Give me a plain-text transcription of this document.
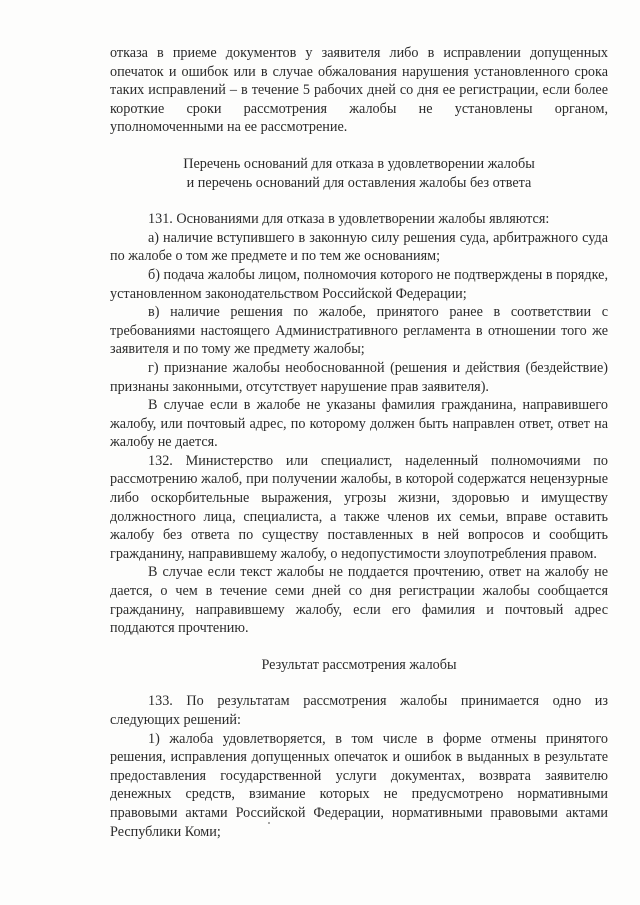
отказа в приеме документов у заявителя либо в исправлении допущенных опечаток и ошибок или в случае обжалования нарушения установленного срока таких исправлений – в течение 5 рабочих дней со дня ее регистрации, если более короткие сроки рассмотрения жалобы не установлены органом, уполномоченными на ее рассмотрение.

Перечень оснований для отказа в удовлетворении жалобы

и перечень оснований для оставления жалобы без ответа

131. Основаниями для отказа в удовлетворении жалобы являются:

а) наличие вступившего в законную силу решения суда, арбитражного суда по жалобе о том же предмете и по тем же основаниям;

б) подача жалобы лицом, полномочия которого не подтверждены в порядке, установленном законодательством Российской Федерации;

в) наличие решения по жалобе, принятого ранее в соответствии с требованиями настоящего Административного регламента в отношении того же заявителя и по тому же предмету жалобы;

г) признание жалобы необоснованной (решения и действия (бездействие) признаны законными, отсутствует нарушение прав заявителя).

В случае если в жалобе не указаны фамилия гражданина, направившего жалобу, или почтовый адрес, по которому должен быть направлен ответ, ответ на жалобу не дается.

132. Министерство или специалист, наделенный полномочиями по рассмотрению жалоб, при получении жалобы, в которой содержатся нецензурные либо оскорбительные выражения, угрозы жизни, здоровью и имуществу должностного лица, специалиста, а также членов их семьи, вправе оставить жалобу без ответа по существу поставленных в ней вопросов и сообщить гражданину, направившему жалобу, о недопустимости злоупотребления правом.

В случае если текст жалобы не поддается прочтению, ответ на жалобу не дается, о чем в течение семи дней со дня регистрации жалобы сообщается гражданину, направившему жалобу, если его фамилия и почтовый адрес поддаются прочтению.

Результат рассмотрения жалобы

133. По результатам рассмотрения жалобы принимается одно из следующих решений:

1) жалоба удовлетворяется, в том числе в форме отмены принятого решения, исправления допущенных опечаток и ошибок в выданных в результате предоставления государственной услуги документах, возврата заявителю денежных средств, взимание которых не предусмотрено нормативными правовыми актами Российской Федерации, нормативными правовыми актами Республики Коми;
